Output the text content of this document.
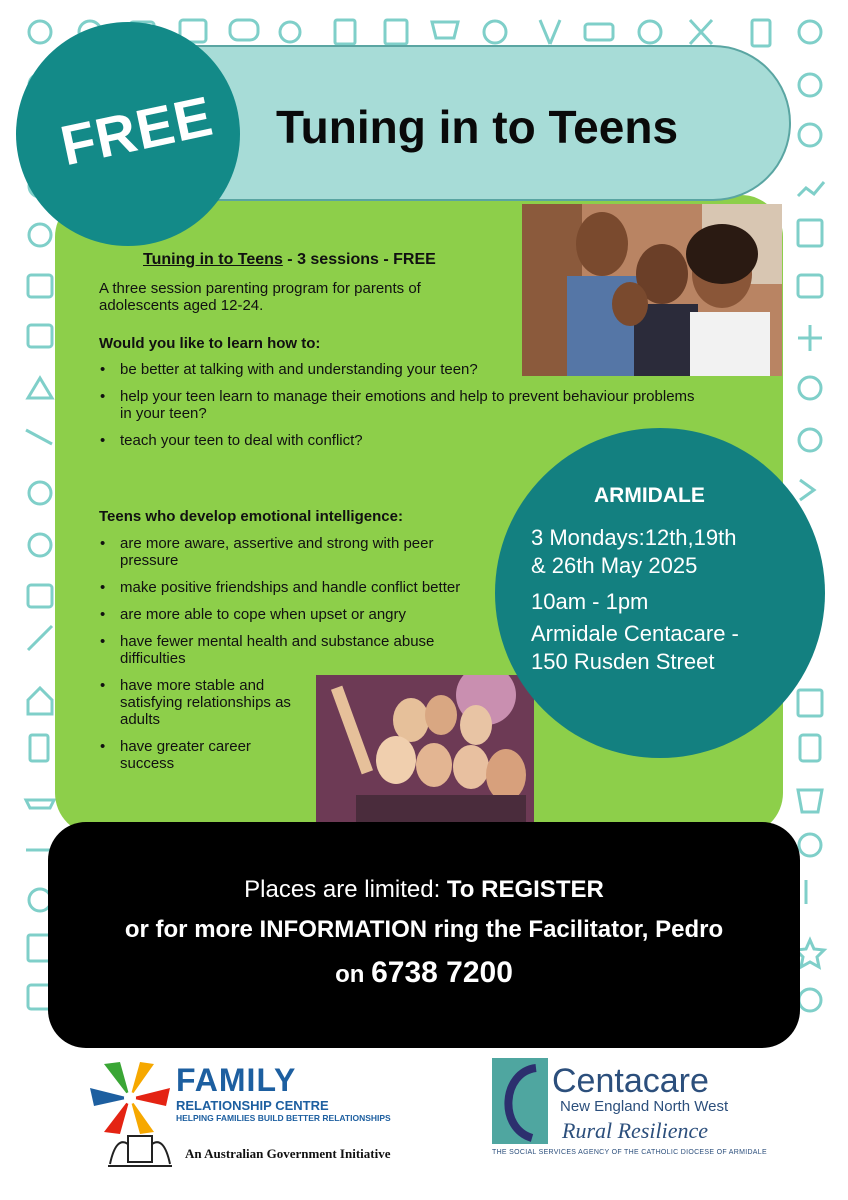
Tuning in to Teens
FREE
Tuning in to Teens - 3 sessions - FREE
A three session parenting program for parents of adolescents aged 12-24.
Would you like to learn how to:
• be better at talking with and understanding your teen?
• help your teen learn to manage their emotions and help to prevent behaviour problems in your teen?
• teach your teen to deal with conflict?
Teens who develop emotional intelligence:
• are more aware, assertive and strong with peer pressure
• make positive friendships and handle conflict better
• are more able to cope when upset or angry
• have fewer mental health and substance abuse difficulties
• have more stable and satisfying relationships as adults
• have greater career success
ARMIDALE
3 Mondays:12th,19th
& 26th May 2025
10am - 1pm
Armidale Centacare -
150 Rusden Street
Places are limited: To REGISTER
or for more INFORMATION ring the Facilitator, Pedro
on 6738 7200
FAMILY
RELATIONSHIP CENTRE
HELPING FAMILIES BUILD BETTER RELATIONSHIPS
An Australian Government Initiative
Centacare
New England North West
Rural Resilience
THE SOCIAL SERVICES AGENCY OF THE CATHOLIC DIOCESE OF ARMIDALE
